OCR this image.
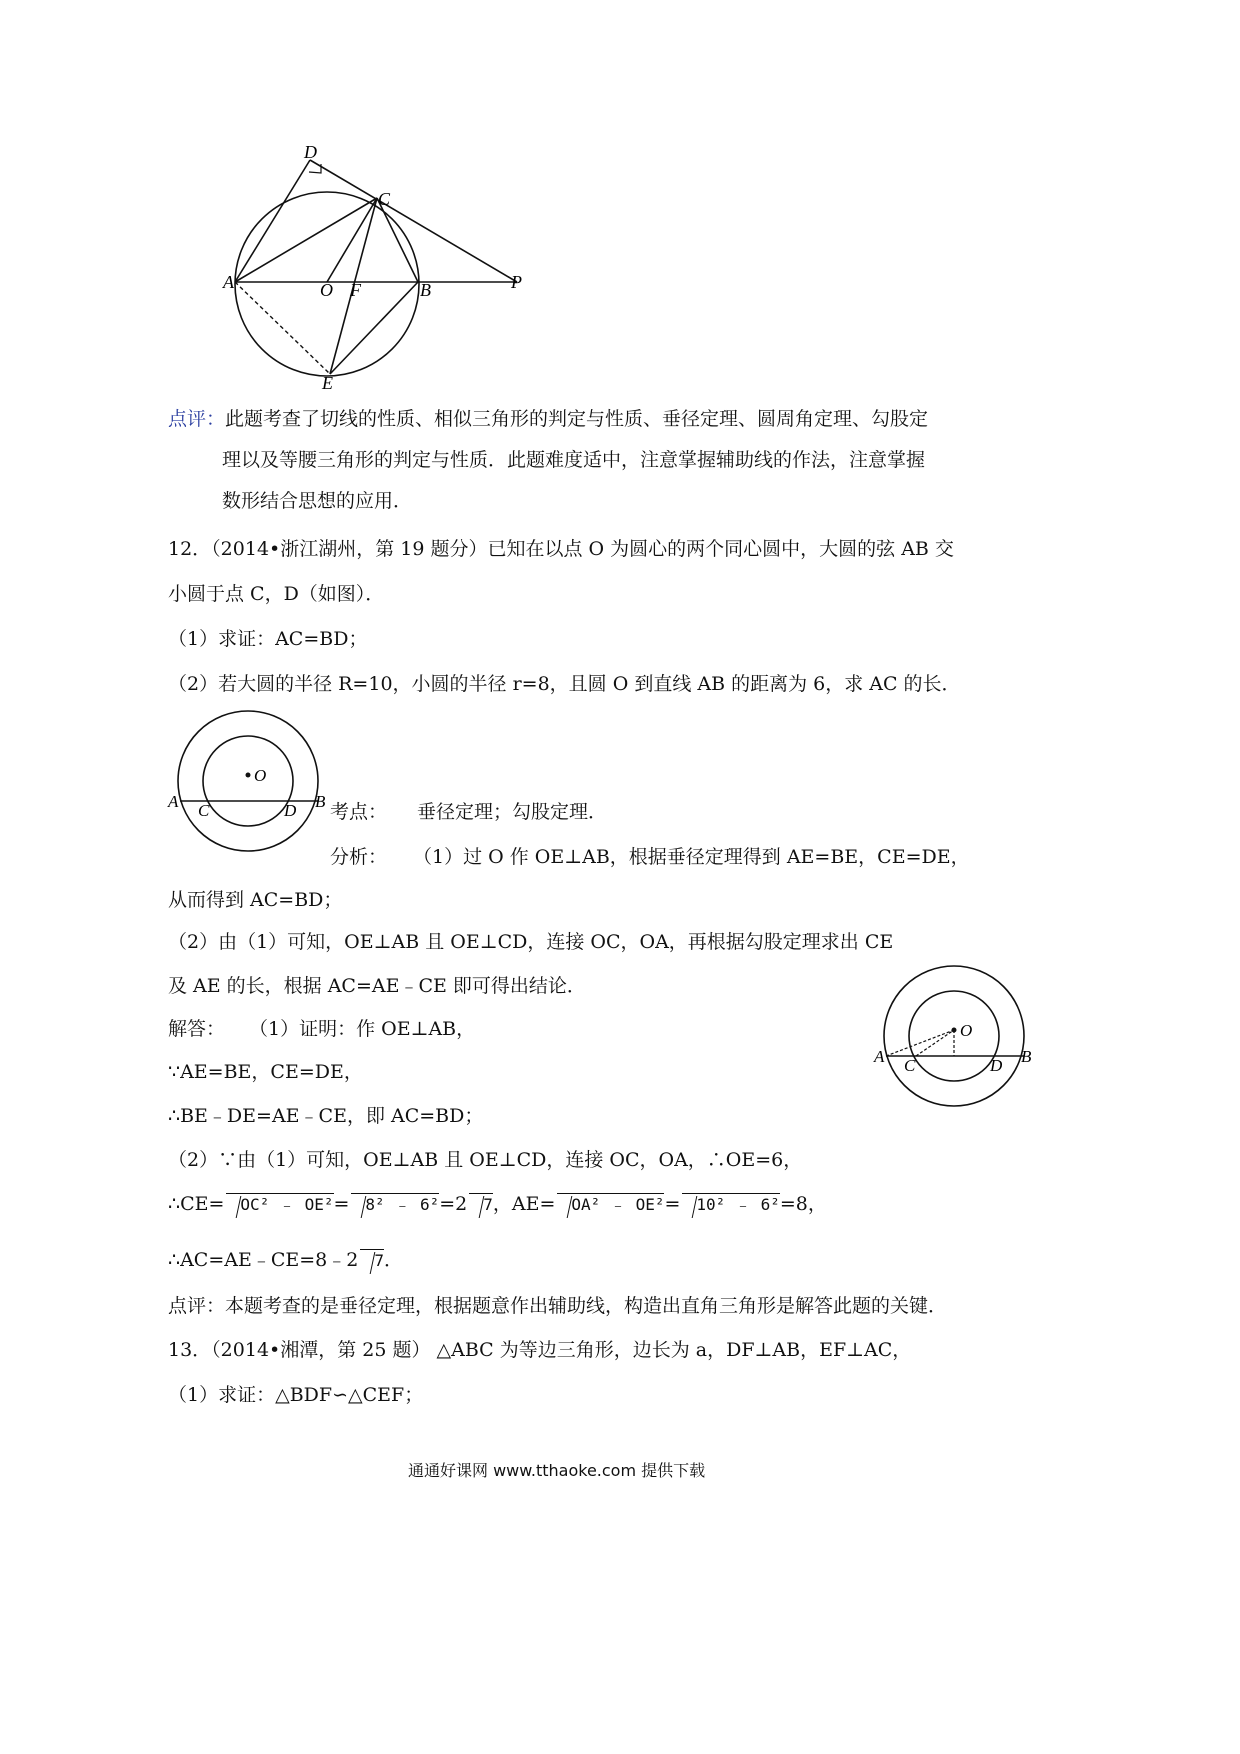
D
C
A	O F	B	P
E
点评：此题考查了切线的性质、相似三角形的判定与性质、垂径定理、圆周角定理、勾股定
理以及等腰三角形的判定与性质．此题难度适中，注意掌握辅助线的作法，注意掌握
数形结合思想的应用．
12．（2014•浙江湖州，第 19 题分）已知在以点 O 为圆心的两个同心圆中，大圆的弦 AB 交
小圆于点 C，D（如图）．
（1）求证：AC=BD；
（2）若大圆的半径 R=10，小圆的半径 r=8，且圆 O 到直线 AB 的距离为 6，求 AC 的长．
O
A C	D B 考点： 垂径定理；勾股定理．
分析： （1）过 O 作 OE⊥AB，根据垂径定理得到 AE=BE，CE=DE，
从而得到 AC=BD；
（2）由（1）可知，OE⊥AB 且 OE⊥CD，连接 OC，OA，再根据勾股定理求出 CE
及 AE 的长，根据 AC=AE﹣CE 即可得出结论．
O
A C	D B
解答： （1）证明：作 OE⊥AB，
∵AE=BE，CE=DE，
∴BE﹣DE=AE﹣CE，即 AC=BD；
（2）∵由（1）可知，OE⊥AB 且 OE⊥CD，连接 OC，OA，∴OE=6，
∴CE= OC² ﹣ OE²= 8² ﹣ 6²=2 7，AE= OA² ﹣ OE²= 10² ﹣ 6²=8，
∴AC=AE﹣CE=8﹣2 7．
点评：本题考查的是垂径定理，根据题意作出辅助线，构造出直角三角形是解答此题的关键．
13．（2014•湘潭，第 25 题） △ABC 为等边三角形，边长为 a，DF⊥AB，EF⊥AC，
（1）求证：△BDF∽△CEF；
通通好课网 www.tthaoke.com 提供下载
